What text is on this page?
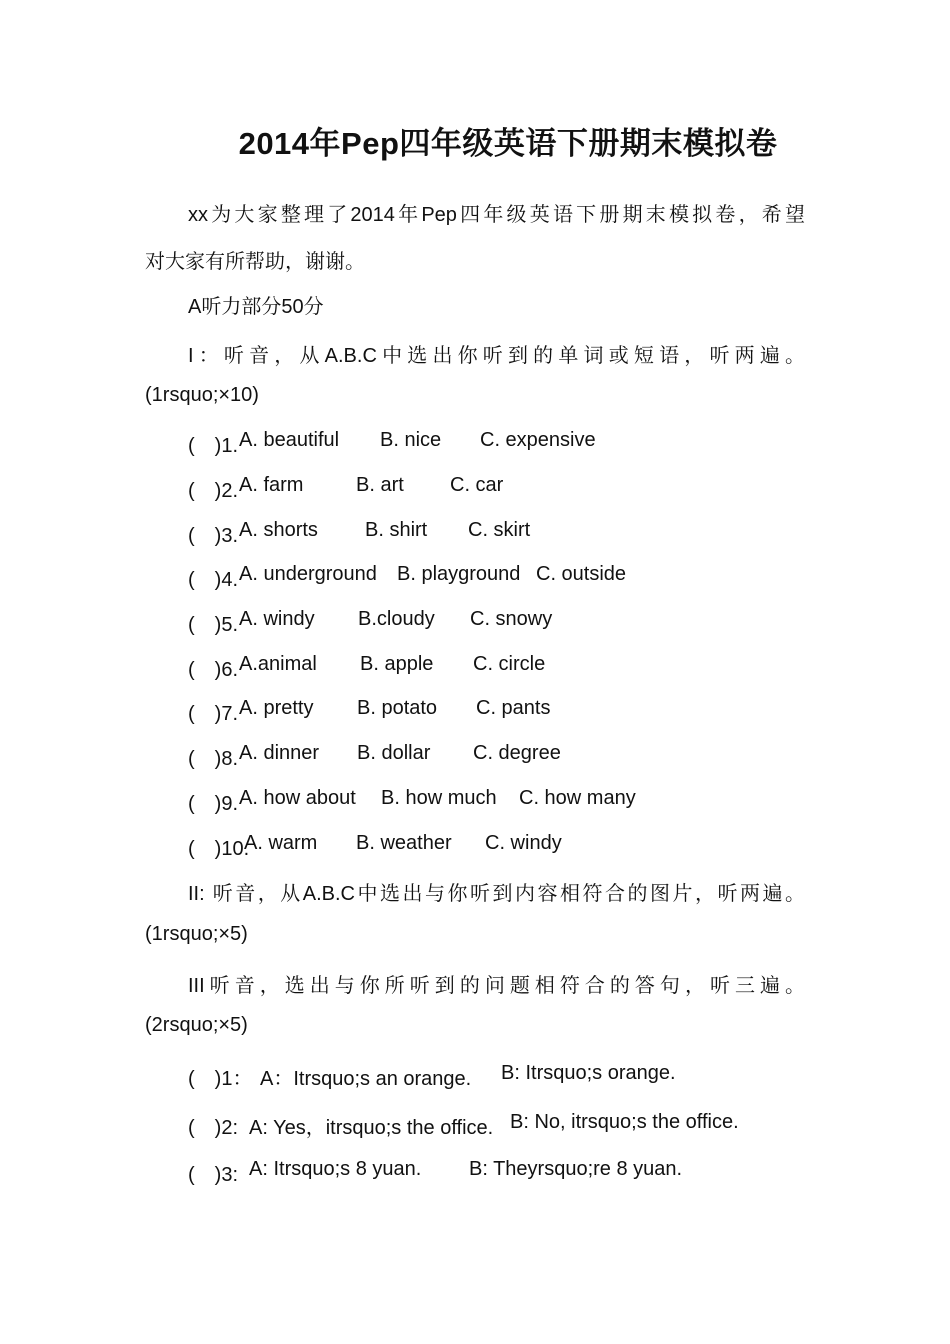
2014年Pep四年级英语下册期末模拟卷
xx为大家整理了2014年Pep四年级英语下册期末模拟卷，希望
对大家有所帮助，谢谢。
A听力部分50分
I：听音，从A.B.C中选出你听到的单词或短语，听两遍。
(1rsquo;×10)
(　)1. A. beautiful B. nice C. expensive
(　)2. A. farm	B. art C. car
(　)3. A. shorts B. shirt C. skirt
(　)4. A. underground B. playground C. outside
(　)5. A. windy B.cloudy C. snowy
(　)6. A.animal B. apple C. circle
(　)7. A. pretty B. potato C. pants
(　)8. A. dinner B. dollar C. degree
(　)9. A. how about B. how much C. how many
(　)10.
A. warm B. weather C. windy
II: 听音，从A.B.C中选出与你听到内容相符合的图片，听两遍。
(1rsquo;×5)
III听音，选出与你所听到的问题相符合的答句，听三遍。
(2rsquo;×5)
(　)1： A：Itrsquo;s an orange. B: Itrsquo;s orange.
(　)2: A: Yes，itrsquo;s the office. B: No, itrsquo;s the office.
(　)3: A: Itrsquo;s 8 yuan. B: Theyrsquo;re 8 yuan.
